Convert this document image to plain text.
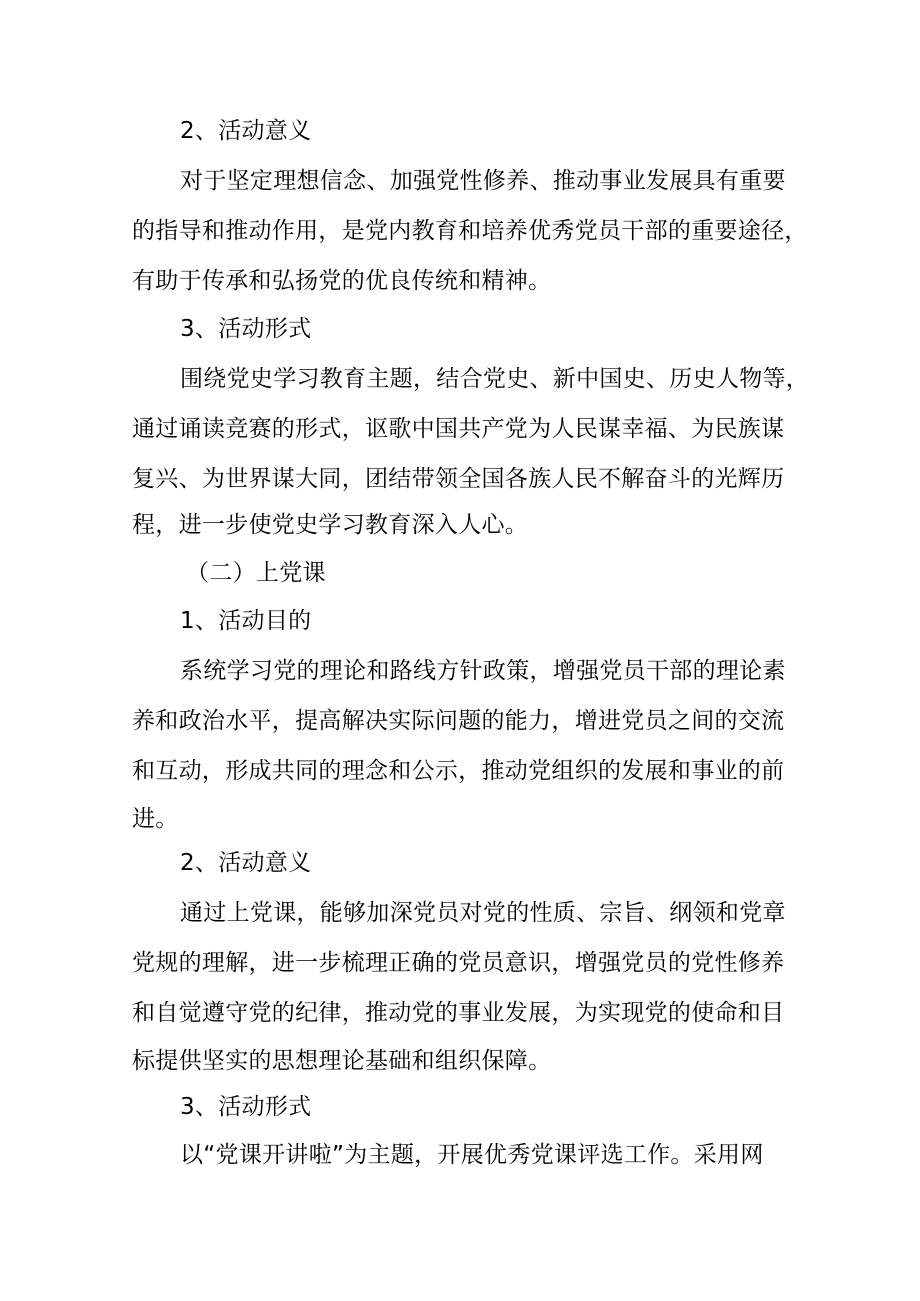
2、活动意义
对于坚定理想信念、加强党性修养、推动事业发展具有重要
的指导和推动作用，是党内教育和培养优秀党员干部的重要途径，
有助于传承和弘扬党的优良传统和精神。
3、活动形式
围绕党史学习教育主题，结合党史、新中国史、历史人物等，
通过诵读竞赛的形式，讴歌中国共产党为人民谋幸福、为民族谋
复兴、为世界谋大同，团结带领全国各族人民不解奋斗的光辉历
程，进一步使党史学习教育深入人心。
（二）上党课
1、活动目的
系统学习党的理论和路线方针政策，增强党员干部的理论素
养和政治水平，提高解决实际问题的能力，增进党员之间的交流
和互动，形成共同的理念和公示，推动党组织的发展和事业的前
进。
2、活动意义
通过上党课，能够加深党员对党的性质、宗旨、纲领和党章
党规的理解，进一步梳理正确的党员意识，增强党员的党性修养
和自觉遵守党的纪律，推动党的事业发展，为实现党的使命和目
标提供坚实的思想理论基础和组织保障。
3、活动形式
以“党课开讲啦”为主题，开展优秀党课评选工作。采用网
